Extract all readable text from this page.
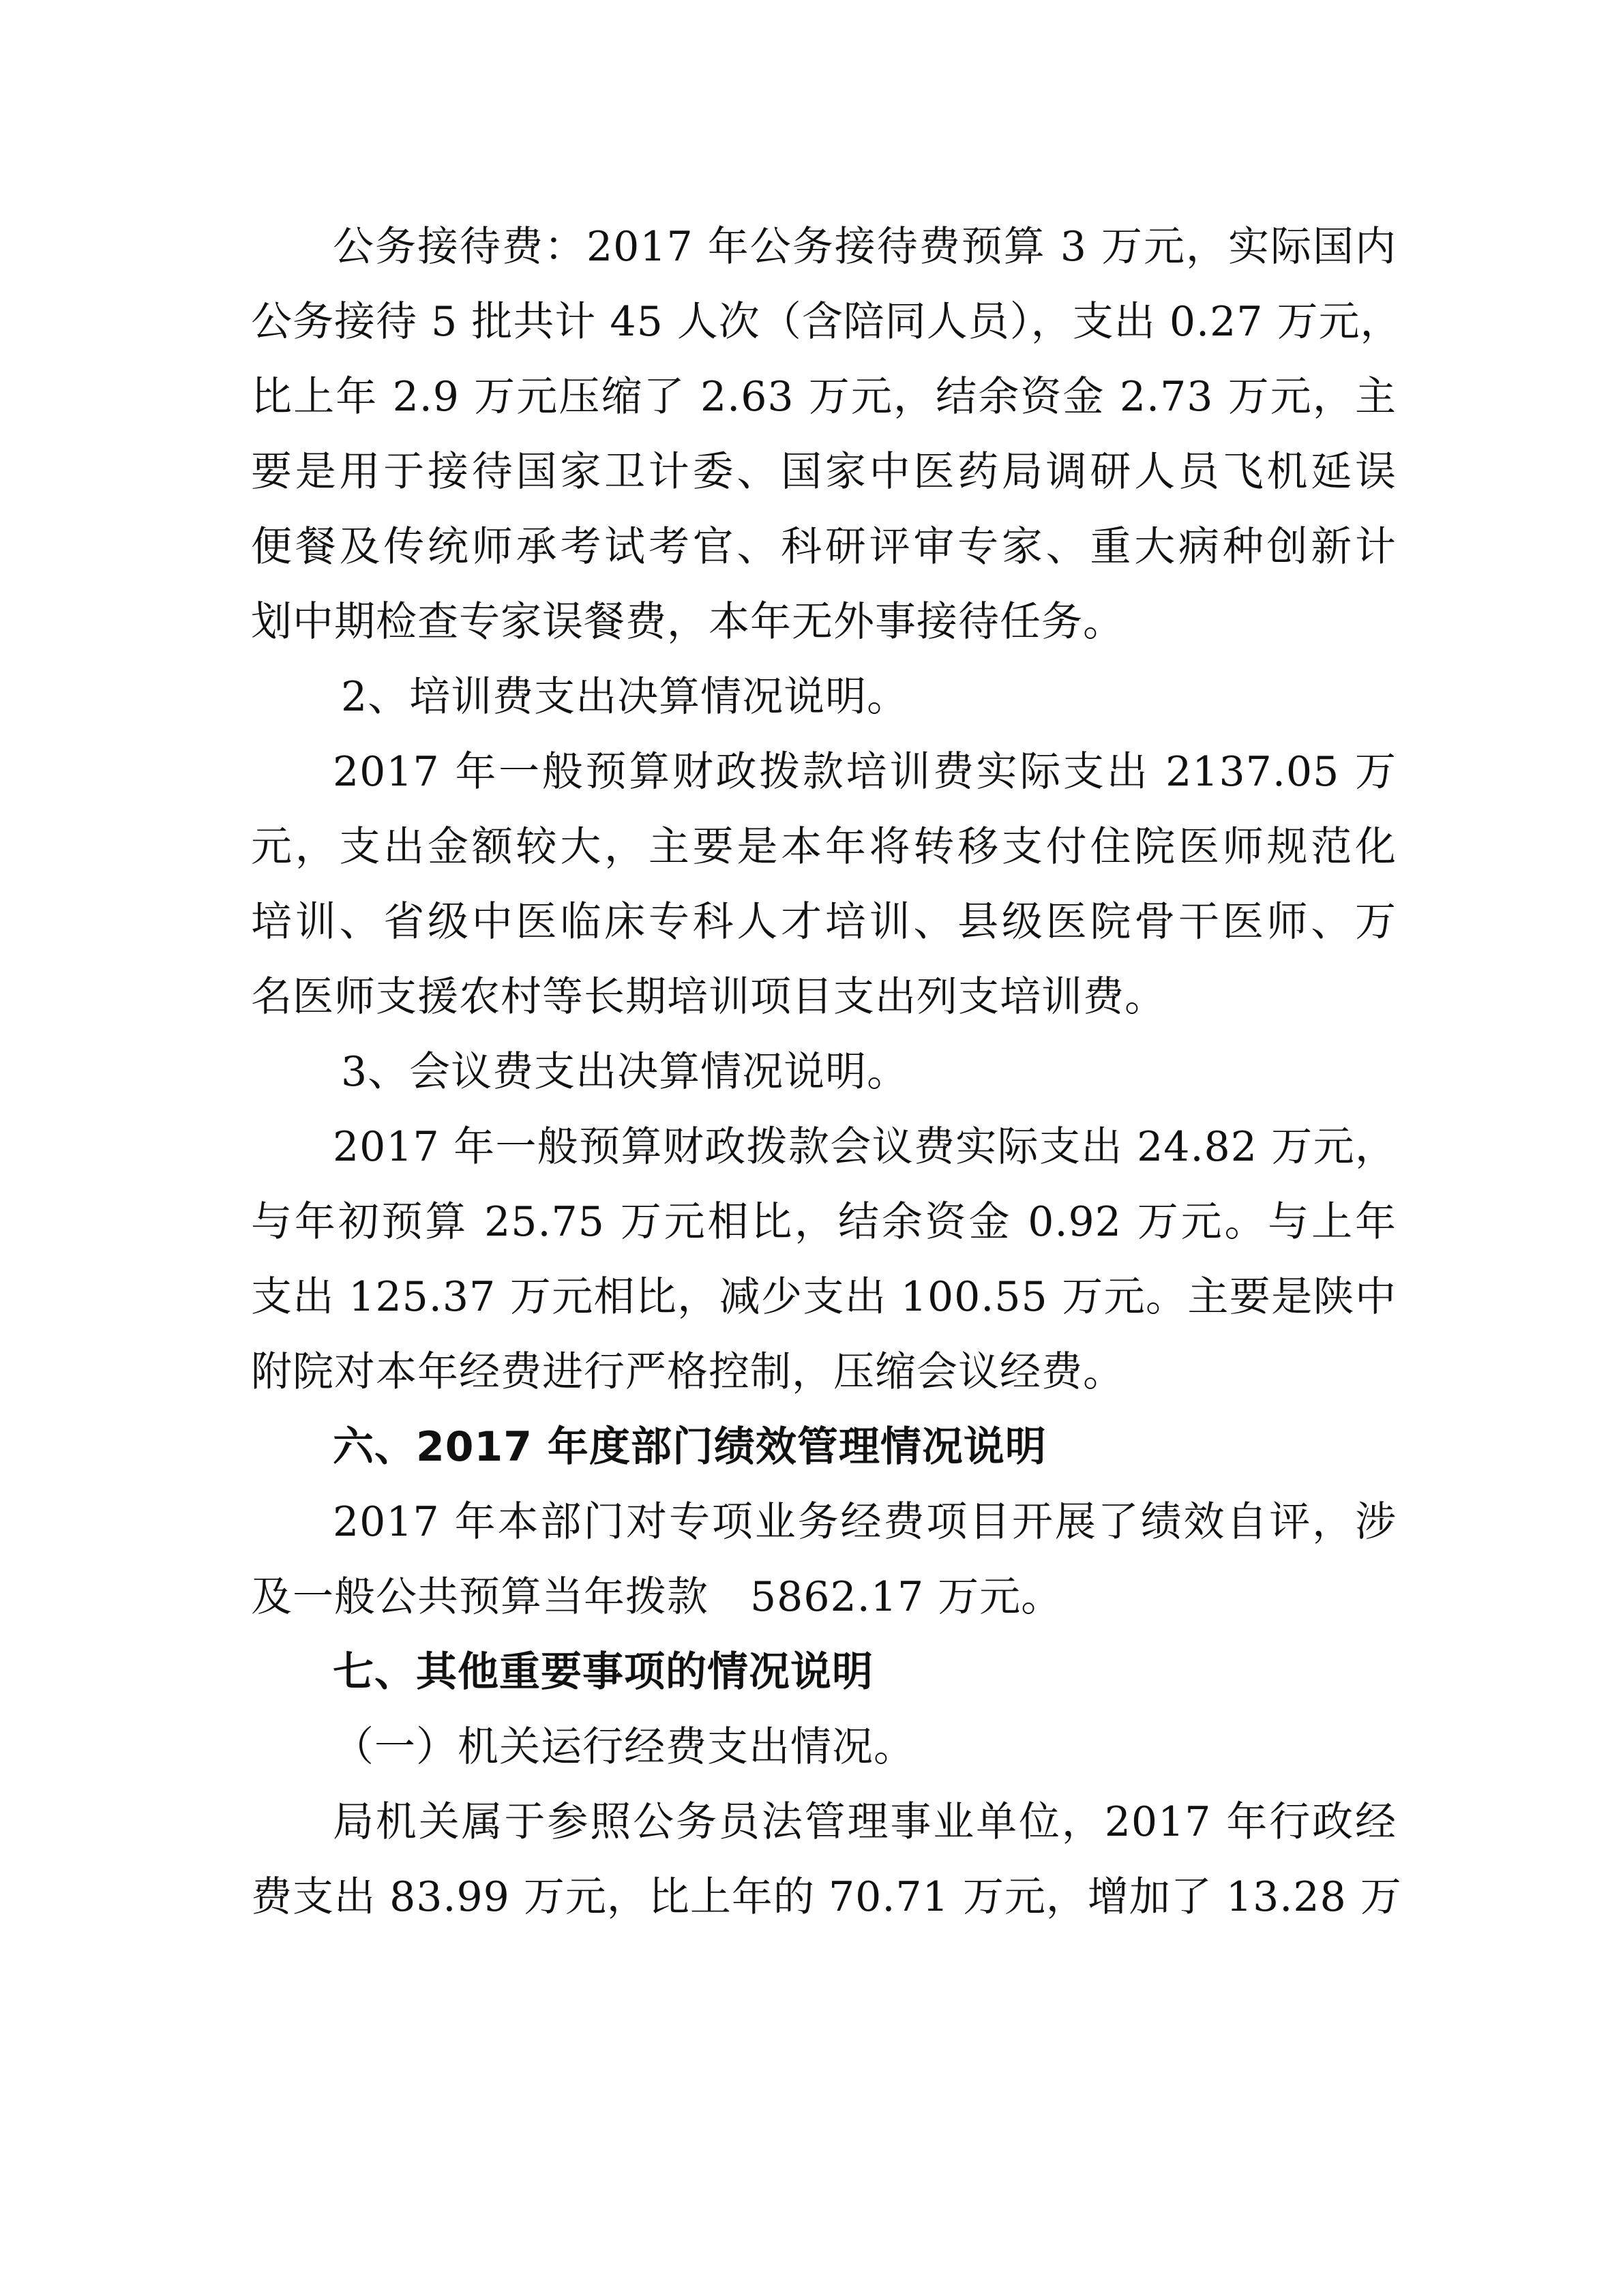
公务接待费：2017 年公务接待费预算 3 万元，实际国内
公务接待 5 批共计 45 人次（含陪同人员），支出 0.27 万元，
比上年 2.9 万元压缩了 2.63 万元，结余资金 2.73 万元，主
要是用于接待国家卫计委、国家中医药局调研人员飞机延误
便餐及传统师承考试考官、科研评审专家、重大病种创新计
划中期检查专家误餐费，本年无外事接待任务。
2、培训费支出决算情况说明。
2017 年一般预算财政拨款培训费实际支出 2137.05 万
元，支出金额较大，主要是本年将转移支付住院医师规范化
培训、省级中医临床专科人才培训、县级医院骨干医师、万
名医师支援农村等长期培训项目支出列支培训费。
3、会议费支出决算情况说明。
2017 年一般预算财政拨款会议费实际支出 24.82 万元，
与年初预算 25.75 万元相比，结余资金 0.92 万元。与上年
支出 125.37 万元相比，减少支出 100.55 万元。主要是陕中
附院对本年经费进行严格控制，压缩会议经费。
六、2017 年度部门绩效管理情况说明
2017 年本部门对专项业务经费项目开展了绩效自评，涉
及一般公共预算当年拨款　5862.17 万元。
七、其他重要事项的情况说明
（一）机关运行经费支出情况。
局机关属于参照公务员法管理事业单位，2017 年行政经
费支出 83.99 万元，比上年的 70.71 万元，增加了 13.28 万
